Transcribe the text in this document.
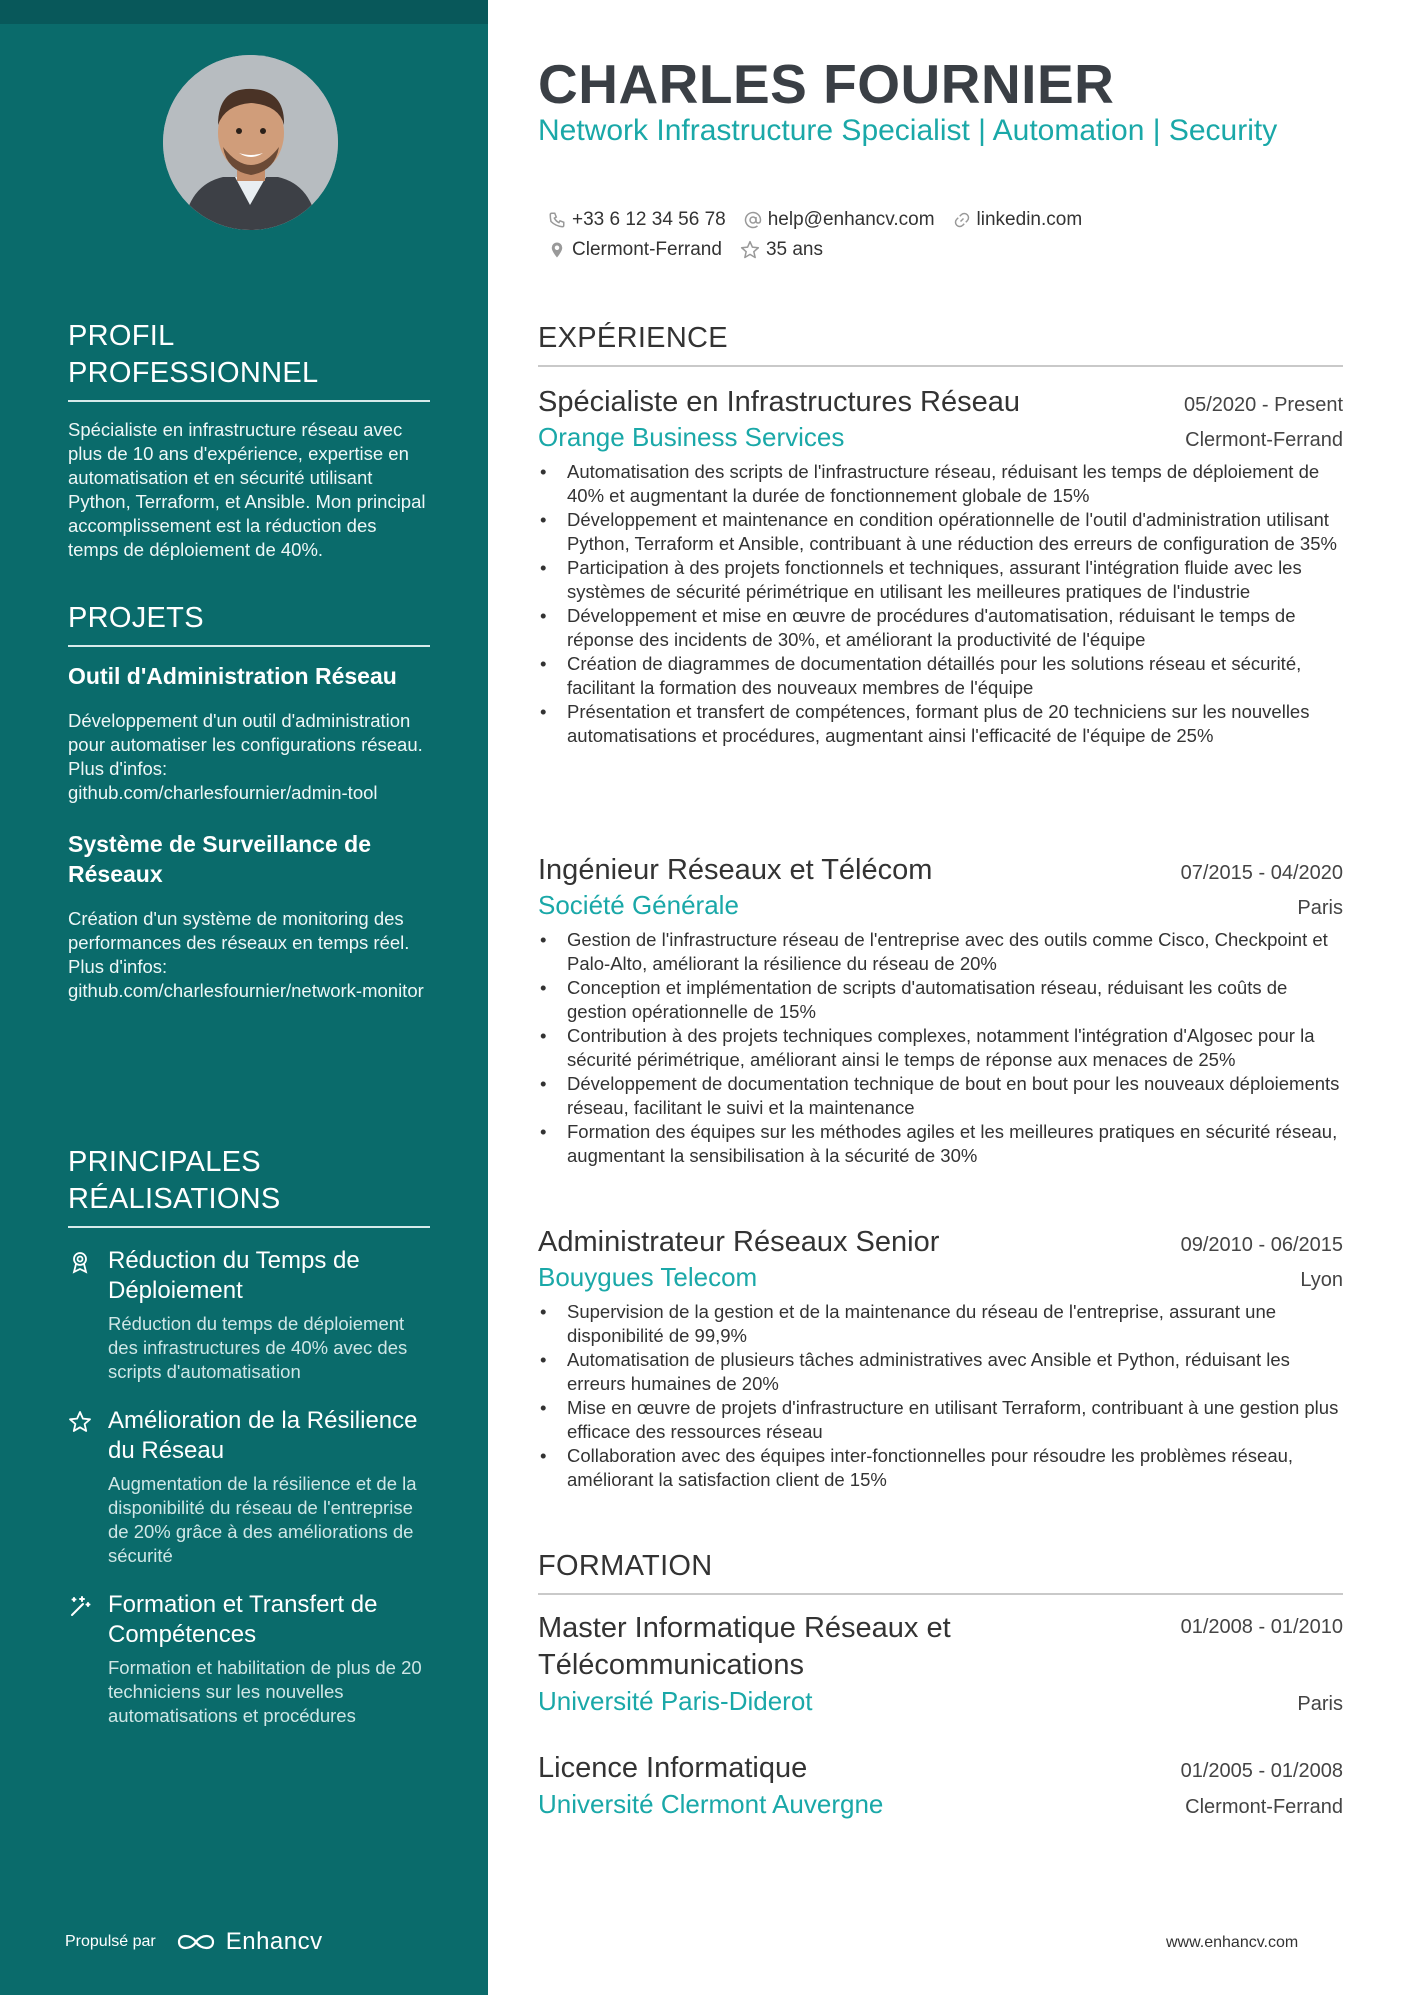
PROFIL PROFESSIONNEL
Spécialiste en infrastructure réseau avec plus de 10 ans d'expérience, expertise en automatisation et en sécurité utilisant Python, Terraform, et Ansible. Mon principal accomplissement est la réduction des temps de déploiement de 40%.
PROJETS
Outil d'Administration Réseau
Développement d'un outil d'administration pour automatiser les configurations réseau. Plus d'infos: github.com/charlesfournier/admin-tool
Système de Surveillance de Réseaux
Création d'un système de monitoring des performances des réseaux en temps réel. Plus d'infos: github.com/charlesfournier/network-monitor
PRINCIPALES RÉALISATIONS
Réduction du Temps de Déploiement
Réduction du temps de déploiement des infrastructures de 40% avec des scripts d'automatisation
Amélioration de la Résilience du Réseau
Augmentation de la résilience et de la disponibilité du réseau de l'entreprise de 20% grâce à des améliorations de sécurité
Formation et Transfert de Compétences
Formation et habilitation de plus de 20 techniciens sur les nouvelles automatisations et procédures
Propulsé par	Enhancv
CHARLES FOURNIER
Network Infrastructure Specialist | Automation | Security
+33 6 12 34 56 78 help@enhancv.com linkedin.com
Clermont-Ferrand 35 ans
EXPÉRIENCE
Spécialiste en Infrastructures Réseau	05/2020 - Present
Orange Business Services	Clermont-Ferrand
• Automatisation des scripts de l'infrastructure réseau, réduisant les temps de déploiement de 40% et augmentant la durée de fonctionnement globale de 15%
• Développement et maintenance en condition opérationnelle de l'outil d'administration utilisant Python, Terraform et Ansible, contribuant à une réduction des erreurs de configuration de 35%
• Participation à des projets fonctionnels et techniques, assurant l'intégration fluide avec les systèmes de sécurité périmétrique en utilisant les meilleures pratiques de l'industrie
• Développement et mise en œuvre de procédures d'automatisation, réduisant le temps de réponse des incidents de 30%, et améliorant la productivité de l'équipe
• Création de diagrammes de documentation détaillés pour les solutions réseau et sécurité, facilitant la formation des nouveaux membres de l'équipe
• Présentation et transfert de compétences, formant plus de 20 techniciens sur les nouvelles automatisations et procédures, augmentant ainsi l'efficacité de l'équipe de 25%
Ingénieur Réseaux et Télécom	07/2015 - 04/2020
Société Générale	Paris
• Gestion de l'infrastructure réseau de l'entreprise avec des outils comme Cisco, Checkpoint et Palo-Alto, améliorant la résilience du réseau de 20%
• Conception et implémentation de scripts d'automatisation réseau, réduisant les coûts de gestion opérationnelle de 15%
• Contribution à des projets techniques complexes, notamment l'intégration d'Algosec pour la sécurité périmétrique, améliorant ainsi le temps de réponse aux menaces de 25%
• Développement de documentation technique de bout en bout pour les nouveaux déploiements réseau, facilitant le suivi et la maintenance
• Formation des équipes sur les méthodes agiles et les meilleures pratiques en sécurité réseau, augmentant la sensibilisation à la sécurité de 30%
Administrateur Réseaux Senior	09/2010 - 06/2015
Bouygues Telecom	Lyon
• Supervision de la gestion et de la maintenance du réseau de l'entreprise, assurant une disponibilité de 99,9%
• Automatisation de plusieurs tâches administratives avec Ansible et Python, réduisant les erreurs humaines de 20%
• Mise en œuvre de projets d'infrastructure en utilisant Terraform, contribuant à une gestion plus efficace des ressources réseau
• Collaboration avec des équipes inter-fonctionnelles pour résoudre les problèmes réseau, améliorant la satisfaction client de 15%
FORMATION
Master Informatique Réseaux et Télécommunications
01/2008 - 01/2010
Université Paris-Diderot	Paris
Licence Informatique	01/2005 - 01/2008
Université Clermont Auvergne	Clermont-Ferrand
www.enhancv.com
